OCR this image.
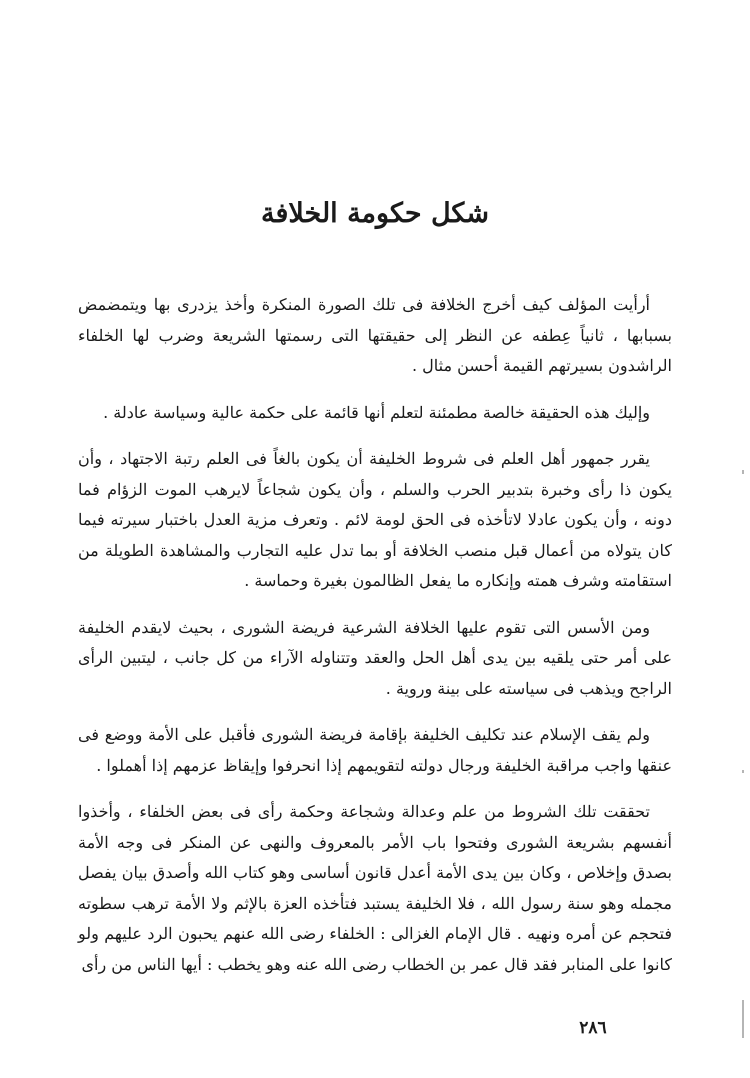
شكل حكومة الخلافة

أرأيت المؤلف كيف أخرج الخلافة فى تلك الصورة المنكرة وأخذ يزدرى بها ويتمضمض بسبابها ، ثانياً عِطفه عن النظر إلى حقيقتها التى رسمتها الشريعة وضرب لها الخلفاء الراشدون بسيرتهم القيمة أحسن مثال .

وإليك هذه الحقيقة خالصة مطمئنة لتعلم أنها قائمة على حكمة عالية وسياسة عادلة .

يقرر جمهور أهل العلم فى شروط الخليفة أن يكون بالغاً فى العلم رتبة الاجتهاد ، وأن يكون ذا رأى وخبرة بتدبير الحرب والسلم ، وأن يكون شجاعاً لايرهب الموت الزؤام فما دونه ، وأن يكون عادلا لاتأخذه فى الحق لومة لائم . وتعرف مزية العدل باختبار سيرته فيما كان يتولاه من أعمال قبل منصب الخلافة أو بما تدل عليه التجارب والمشاهدة الطويلة من استقامته وشرف همته وإنكاره ما يفعل الظالمون بغيرة وحماسة .

ومن الأسس التى تقوم عليها الخلافة الشرعية فريضة الشورى ، بحيث لايقدم الخليفة على أمر حتى يلقيه بين يدى أهل الحل والعقد وتتناوله الآراء من كل جانب ، ليتبين الرأى الراجح ويذهب فى سياسته على بينة وروية .

ولم يقف الإسلام عند تكليف الخليفة بإقامة فريضة الشورى فأقبل على الأمة ووضع فى عنقها واجب مراقبة الخليفة ورجال دولته لتقويمهم إذا انحرفوا وإيقاظ عزمهم إذا أهملوا .

تحققت تلك الشروط من علم وعدالة وشجاعة وحكمة رأى فى بعض الخلفاء ، وأخذوا أنفسهم بشريعة الشورى وفتحوا باب الأمر بالمعروف والنهى عن المنكر فى وجه الأمة بصدق وإخلاص ، وكان بين يدى الأمة أعدل قانون أساسى وهو كتاب الله وأصدق بيان يفصل مجمله وهو سنة رسول الله ، فلا الخليفة يستبد فتأخذه العزة بالإثم ولا الأمة ترهب سطوته فتحجم عن أمره ونهيه . قال الإمام الغزالى : الخلفاء رضى الله عنهم يحبون الرد عليهم ولو كانوا على المنابر فقد قال عمر بن الخطاب رضى الله عنه وهو يخطب : أيها الناس من رأى

٢٨٦
